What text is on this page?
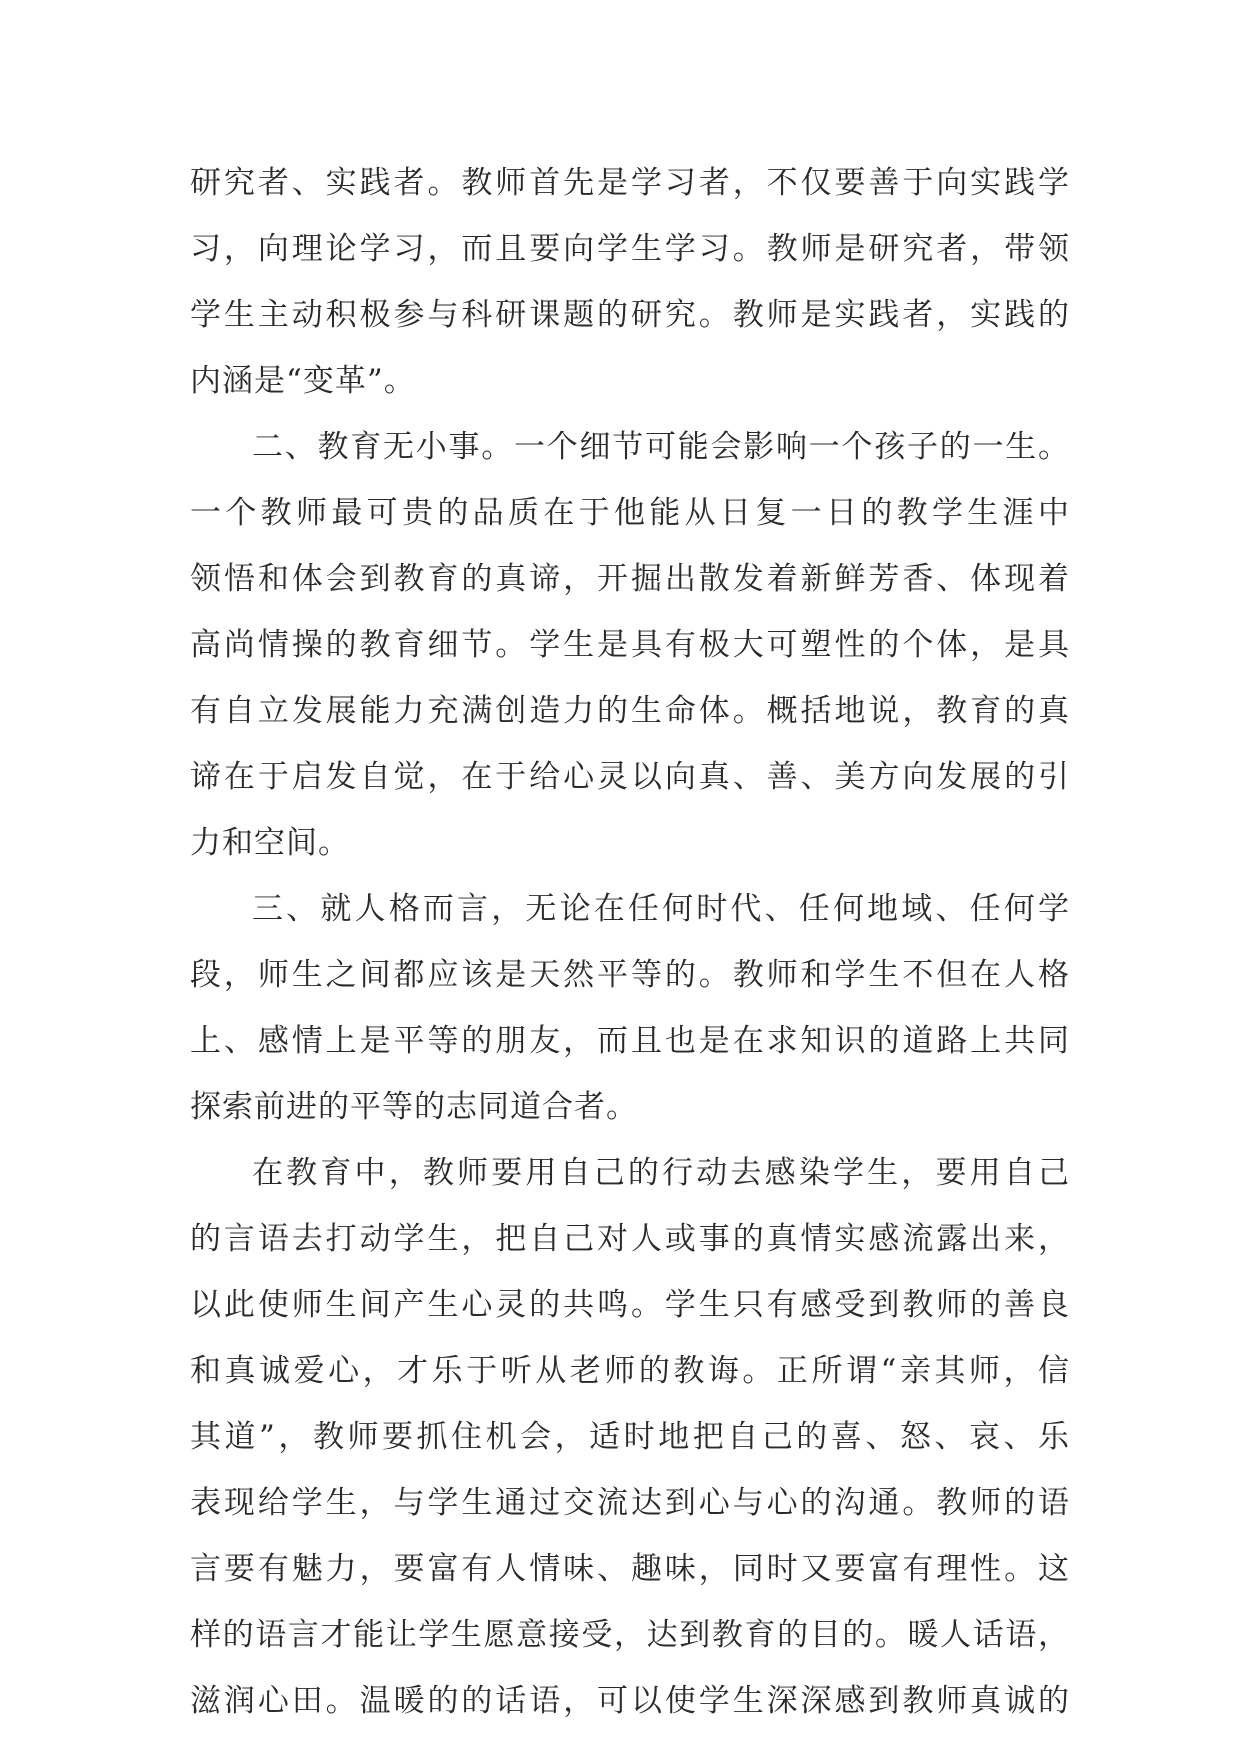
研究者、实践者。教师首先是学习者，不仅要善于向实践学
习，向理论学习，而且要向学生学习。教师是研究者，带领
学生主动积极参与科研课题的研究。教师是实践者，实践的
内涵是“变革”。
二、教育无小事。一个细节可能会影响一个孩子的一生。
一个教师最可贵的品质在于他能从日复一日的教学生涯中
领悟和体会到教育的真谛，开掘出散发着新鲜芳香、体现着
高尚情操的教育细节。学生是具有极大可塑性的个体，是具
有自立发展能力充满创造力的生命体。概括地说，教育的真
谛在于启发自觉，在于给心灵以向真、善、美方向发展的引
力和空间。
三、就人格而言，无论在任何时代、任何地域、任何学
段，师生之间都应该是天然平等的。教师和学生不但在人格
上、感情上是平等的朋友，而且也是在求知识的道路上共同
探索前进的平等的志同道合者。
在教育中，教师要用自己的行动去感染学生，要用自己
的言语去打动学生，把自己对人或事的真情实感流露出来，
以此使师生间产生心灵的共鸣。学生只有感受到教师的善良
和真诚爱心，才乐于听从老师的教诲。正所谓“亲其师，信
其道”，教师要抓住机会，适时地把自己的喜、怒、哀、乐
表现给学生，与学生通过交流达到心与心的沟通。教师的语
言要有魅力，要富有人情味、趣味，同时又要富有理性。这
样的语言才能让学生愿意接受，达到教育的目的。暖人话语，
滋润心田。温暖的的话语，可以使学生深深感到教师真诚的
